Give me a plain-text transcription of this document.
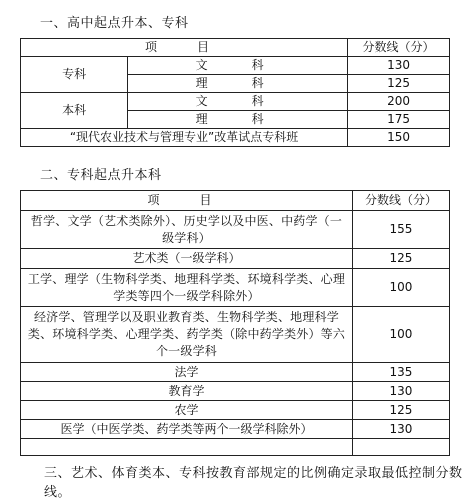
一、高中起点升本、专科
项　目		分数线（分）
专科	文　科	130
	理　科	125
本科	文　科	200
	理　科	175
“现代农业技术与管理专业”改革试点专科班		150
二、专科起点升本科
项　目	分数线（分）
哲学、文学（艺术类除外）、历史学以及中医、中药学（一级学科）	155
艺术类（一级学科）	125
工学、理学（生物科学类、地理科学类、环境科学类、心理学类等四个一级学科除外）	100
经济学、管理学以及职业教育类、生物科学类、地理科学类、环境科学类、心理学类、药学类（除中药学类外）等六个一级学科	100
法学	135
教育学	130
农学	125
医学（中医学类、药学类等两个一级学科除外）	130

三、艺术、体育类本、专科按教育部规定的比例确定录取最低控制分数线。
